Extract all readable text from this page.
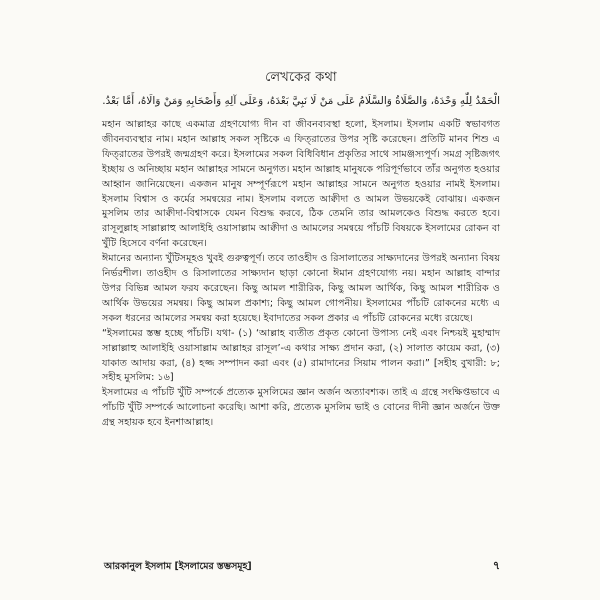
লেখকের কথা
الْحَمْدُ لِلّٰهِ وَحْدَهُ، وَالصَّلَاةُ وَالسَّلَامُ عَلَى مَنْ لَا نَبِيَّ بَعْدَهُ، وَعَلَى آلِهِ وَأَصْحَابِهِ وَمَنْ وَالَاهُ، أَمَّا بَعْدُ.

মহান আল্লাহর কাছে একমাত্র গ্রহণযোগ্য দীন বা জীবনব্যবস্থা হলো, ইসলাম। ইসলাম একটি স্বভাবগত জীবনব্যবস্থার নাম। মহান আল্লাহ সকল সৃষ্টিকে এ ফিত্‌রাতের উপর সৃষ্টি করেছেন। প্রতিটি মানব শিশু এ ফিত্‌রাতের উপরই জন্মগ্রহণ করে। ইসলামের সকল বিধিবিধান প্রকৃতির সাথে সামঞ্জস্যপূর্ণ। সমগ্র সৃষ্টিজগৎ ইচ্ছায় ও অনিচ্ছায় মহান আল্লাহর সামনে অনুগত। মহান আল্লাহ মানুষকে পরিপূর্ণভাবে তাঁর অনুগত হওয়ার আহ্বান জানিয়েছেন। একজন মানুষ সম্পূর্ণরূপে মহান আল্লাহর সামনে অনুগত হওয়ার নামই ইসলাম। ইসলাম বিশ্বাস ও কর্মের সমন্বয়ের নাম। ইসলাম বলতে আক্বীদা ও আমল উভয়কেই বোঝায়। একজন মুসলিম তার আক্বীদা-বিশ্বাসকে যেমন বিশুদ্ধ করবে, ঠিক তেমনি তার আমলকেও বিশুদ্ধ করতে হবে। রাসূলুল্লাহ সাল্লাল্লাহু আলাইহি ওয়াসাল্লাম আক্বীদা ও আমলের সমন্বয়ে পাঁচটি বিষয়কে ইসলামের রোকন বা খুঁটি হিসেবে বর্ণনা করেছেন।

ঈমানের অন্যান্য খুঁটিসমূহও খুবই গুরুত্বপূর্ণ। তবে তাওহীদ ও রিসালাতের সাক্ষ্যদানের উপরই অন্যান্য বিষয় নির্ভরশীল। তাওহীদ ও রিসালাতের সাক্ষ্যদান ছাড়া কোনো ঈমান গ্রহণযোগ্য নয়। মহান আল্লাহ বান্দার উপর বিভিন্ন আমল ফরয করেছেন। কিছু আমল শারীরিক, কিছু আমল আর্থিক, কিছু আমল শারীরিক ও আর্থিক উভয়ের সমন্বয়। কিছু আমল প্রকাশ্য; কিছু আমল গোপনীয়। ইসলামের পাঁচটি রোকনের মধ্যে এ সকল ধরনের আমলের সমন্বয় করা হয়েছে। ইবাদাতের সকল প্রকার এ পাঁচটি রোকনের মধ্যে রয়েছে।

“ইসলামের স্তম্ভ হচ্ছে পাঁচটি। যথা- (১) ‘আল্লাহ ব্যতীত প্রকৃত কোনো উপাস্য নেই এবং নিশ্চয়ই মুহাম্মাদ সাল্লাল্লাহু আলাইহি ওয়াসাল্লাম আল্লাহর রাসূল’-এ কথার সাক্ষ্য প্রদান করা, (২) সালাত কায়েম করা, (৩) যাকাত আদায় করা, (৪) হজ্জ সম্পাদন করা এবং (৫) রামাদানের সিয়াম পালন করা।” [সহীহ বুখারী: ৮; সহীহ মুসলিম: ১৬]

ইসলামের এ পাঁচটি খুঁটি সম্পর্কে প্রত্যেক মুসলিমের জ্ঞান অর্জন অত্যাবশ্যক। তাই এ গ্রন্থে সংক্ষিপ্তভাবে এ পাঁচটি খুঁটি সম্পর্কে আলোচনা করেছি। আশা করি, প্রত্যেক মুসলিম ভাই ও বোনের দীনী জ্ঞান অর্জনে উক্ত গ্রন্থ সহায়ক হবে ইনশাআল্লাহ।

আরকানুল ইসলাম [ইসলামের স্তম্ভসমূহ]	৭
